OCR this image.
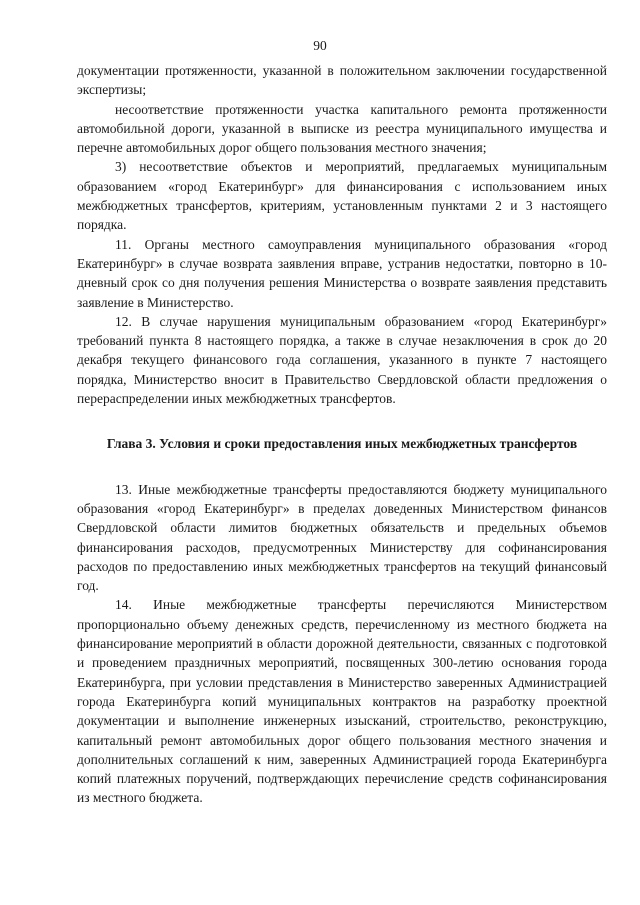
90

документации протяженности, указанной в положительном заключении государственной экспертизы;

несоответствие протяженности участка капитального ремонта протяженности автомобильной дороги, указанной в выписке из реестра муниципального имущества и перечне автомобильных дорог общего пользования местного значения;

3) несоответствие объектов и мероприятий, предлагаемых муниципальным образованием «город Екатеринбург» для финансирования с использованием иных межбюджетных трансфертов, критериям, установленным пунктами 2 и 3 настоящего порядка.

11. Органы местного самоуправления муниципального образования «город Екатеринбург» в случае возврата заявления вправе, устранив недостатки, повторно в 10-дневный срок со дня получения решения Министерства о возврате заявления представить заявление в Министерство.

12. В случае нарушения муниципальным образованием «город Екатеринбург» требований пункта 8 настоящего порядка, а также в случае незаключения в срок до 20 декабря текущего финансового года соглашения, указанного в пункте 7 настоящего порядка, Министерство вносит в Правительство Свердловской области предложения о перераспределении иных межбюджетных трансфертов.

Глава 3. Условия и сроки предоставления иных межбюджетных трансфертов

13. Иные межбюджетные трансферты предоставляются бюджету муниципального образования «город Екатеринбург» в пределах доведенных Министерством финансов Свердловской области лимитов бюджетных обязательств и предельных объемов финансирования расходов, предусмотренных Министерству для софинансирования расходов по предоставлению иных межбюджетных трансфертов на текущий финансовый год.

14. Иные межбюджетные трансферты перечисляются Министерством пропорционально объему денежных средств, перечисленному из местного бюджета на финансирование мероприятий в области дорожной деятельности, связанных с подготовкой и проведением праздничных мероприятий, посвященных 300-летию основания города Екатеринбурга, при условии представления в Министерство заверенных Администрацией города Екатеринбурга копий муниципальных контрактов на разработку проектной документации и выполнение инженерных изысканий, строительство, реконструкцию, капитальный ремонт автомобильных дорог общего пользования местного значения и дополнительных соглашений к ним, заверенных Администрацией города Екатеринбурга копий платежных поручений, подтверждающих перечисление средств софинансирования из местного бюджета.
